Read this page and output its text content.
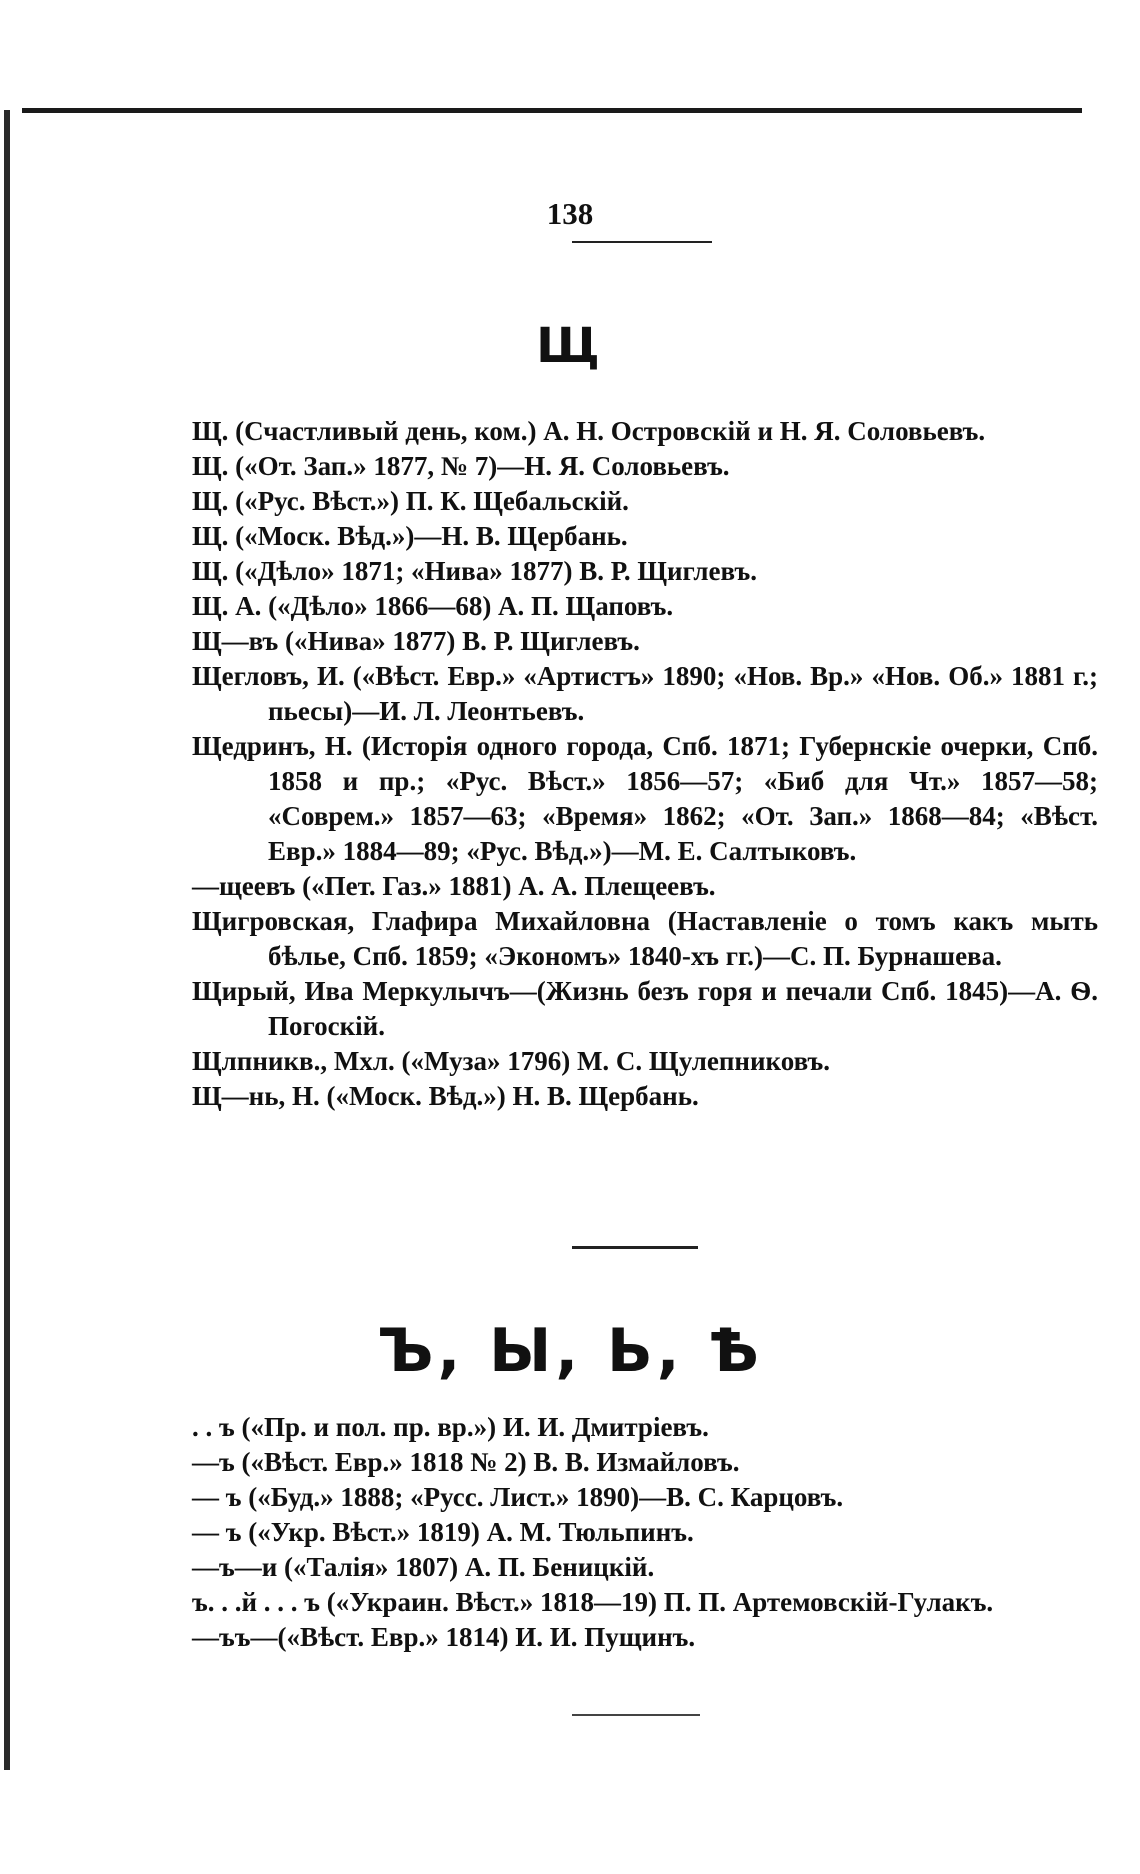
138
Щ

Щ. (Счастливый день, ком.) А. Н. Островскій и Н. Я. Соловьевъ.

Щ. («От. Зап.» 1877, № 7)—Н. Я. Соловьевъ.

Щ. («Рус. Вѣст.») П. К. Щебальскій.

Щ. («Моск. Вѣд.»)—Н. В. Щербань.

Щ. («Дѣло» 1871; «Нива» 1877) В. Р. Щиглевъ.

Щ. А. («Дѣло» 1866—68) А. П. Щаповъ.

Щ—въ («Нива» 1877) В. Р. Щиглевъ.

Щегловъ, И. («Вѣст. Евр.» «Артистъ» 1890; «Нов. Вр.» «Нов. Об.» 1881 г.; пьесы)—И. Л. Леонтьевъ.

Щедринъ, Н. (Исторія одного города, Спб. 1871; Губернскіе очерки, Спб. 1858 и пр.; «Рус. Вѣст.» 1856—57; «Биб для Чт.» 1857—58; «Соврем.» 1857—63; «Время» 1862; «От. Зап.» 1868—84; «Вѣст. Евр.» 1884—89; «Рус. Вѣд.»)—М. Е. Салтыковъ.

—щеевъ («Пет. Газ.» 1881) А. А. Плещеевъ.

Щигровская, Глафира Михайловна (Наставленіе о томъ какъ мыть бѣлье, Спб. 1859; «Экономъ» 1840-хъ гг.)—С. П. Бурнашева.

Щирый, Ива Меркулычъ—(Жизнь безъ горя и печали Спб. 1845)—А. Ѳ. Погоскій.

Щлпникв., Мхл. («Муза» 1796) М. С. Щулепниковъ.

Щ—нь, Н. («Моск. Вѣд.») Н. В. Щербань.

Ъ, Ы, Ь, Ѣ

. . ъ («Пр. и пол. пр. вр.») И. И. Дмитріевъ.

—ъ («Вѣст. Евр.» 1818 № 2) В. В. Измайловъ.

— ъ («Буд.» 1888; «Русс. Лист.» 1890)—В. С. Карцовъ.

— ъ («Укр. Вѣст.» 1819) А. М. Тюльпинъ.

—ъ—и («Талія» 1807) А. П. Беницкій.

ъ. . .й . . . ъ («Украин. Вѣст.» 1818—19) П. П. Артемовскій-Гулакъ.

—ъъ—(«Вѣст. Евр.» 1814) И. И. Пущинъ.
